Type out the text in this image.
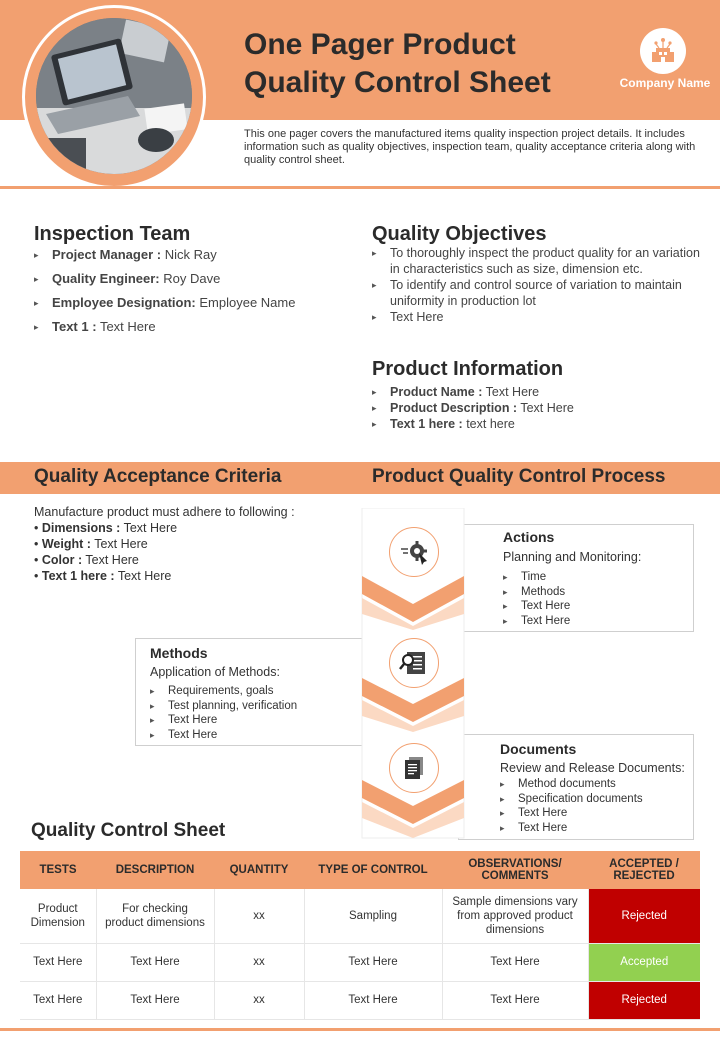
One Pager Product
Quality Control Sheet	Company Name
This one pager covers the manufactured items quality inspection project details. It includes information such as quality objectives, inspection team, quality acceptance criteria along with quality control sheet.
Inspection Team
▸ Project Manager : Nick Ray
▸ Quality Engineer: Roy Dave
▸ Employee Designation: Employee Name
▸ Text 1 : Text Here
Quality Objectives
▸ To thoroughly inspect the product quality for an variation in characteristics such as size, dimension etc.
▸ To identify and control source of variation to maintain uniformity in production lot
▸ Text Here
Product Information
▸ Product Name : Text Here
▸ Product Description : Text Here
▸ Text 1 here : text here
Quality Acceptance Criteria	Product Quality Control Process
Manufacture product must adhere to following :
• Dimensions : Text Here
• Weight : Text Here
• Color : Text Here
• Text 1 here : Text Here
Actions
Planning and Monitoring:
▸ Time
▸ Methods
▸ Text Here
▸ Text Here
Methods
Application of Methods:
▸ Requirements, goals
▸ Test planning, verification
▸ Text Here
▸ Text Here
Documents
Review and Release Documents:
▸ Method documents
▸ Specification documents
▸ Text Here
▸ Text Here
Quality Control Sheet
TESTS	DESCRIPTION	QUANTITY	TYPE OF CONTROL	OBSERVATIONS/ COMMENTS	ACCEPTED / REJECTED
Product Dimension	For checking product dimensions	xx	Sampling	Sample dimensions vary from approved product dimensions	Rejected
Text Here	Text Here	xx	Text Here	Text Here	Accepted
Text Here	Text Here	xx	Text Here	Text Here	Rejected
